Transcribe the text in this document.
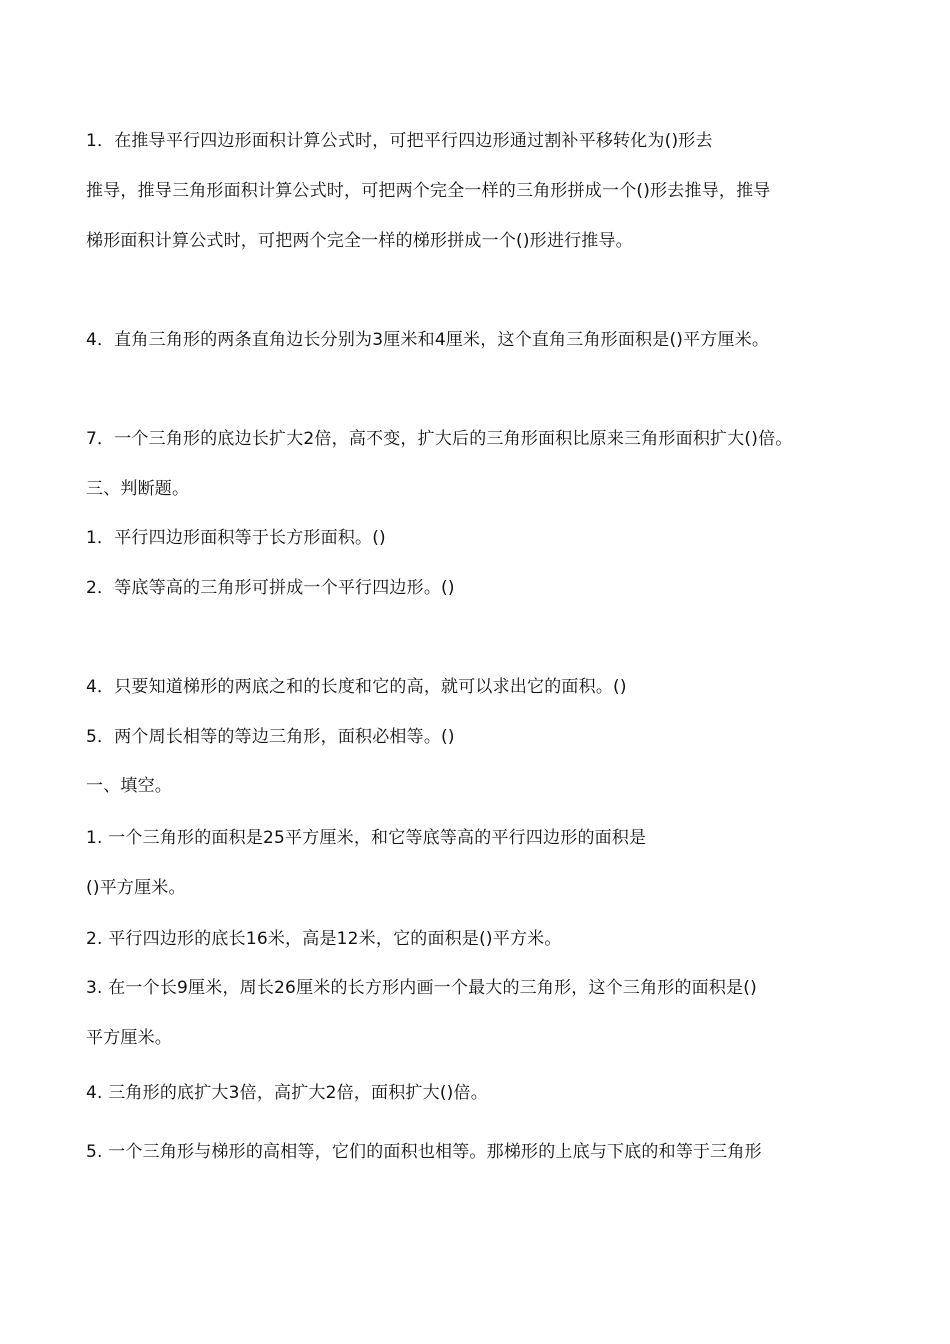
1．在推导平行四边形面积计算公式时，可把平行四边形通过割补平移转化为()形去
推导，推导三角形面积计算公式时，可把两个完全一样的三角形拼成一个()形去推导，推导
梯形面积计算公式时，可把两个完全一样的梯形拼成一个()形进行推导。
4．直角三角形的两条直角边长分别为3厘米和4厘米，这个直角三角形面积是()平方厘米。
7．一个三角形的底边长扩大2倍，高不变，扩大后的三角形面积比原来三角形面积扩大()倍。
三、判断题。
1．平行四边形面积等于长方形面积。()
2．等底等高的三角形可拼成一个平行四边形。()
4．只要知道梯形的两底之和的长度和它的高，就可以求出它的面积。()
5．两个周长相等的等边三角形，面积必相等。()
一、填空。
1. 一个三角形的面积是25平方厘米，和它等底等高的平行四边形的面积是
()平方厘米。
2. 平行四边形的底长16米，高是12米，它的面积是()平方米。
3. 在一个长9厘米，周长26厘米的长方形内画一个最大的三角形，这个三角形的面积是()
平方厘米。
4. 三角形的底扩大3倍，高扩大2倍，面积扩大()倍。
5. 一个三角形与梯形的高相等，它们的面积也相等。那梯形的上底与下底的和等于三角形
